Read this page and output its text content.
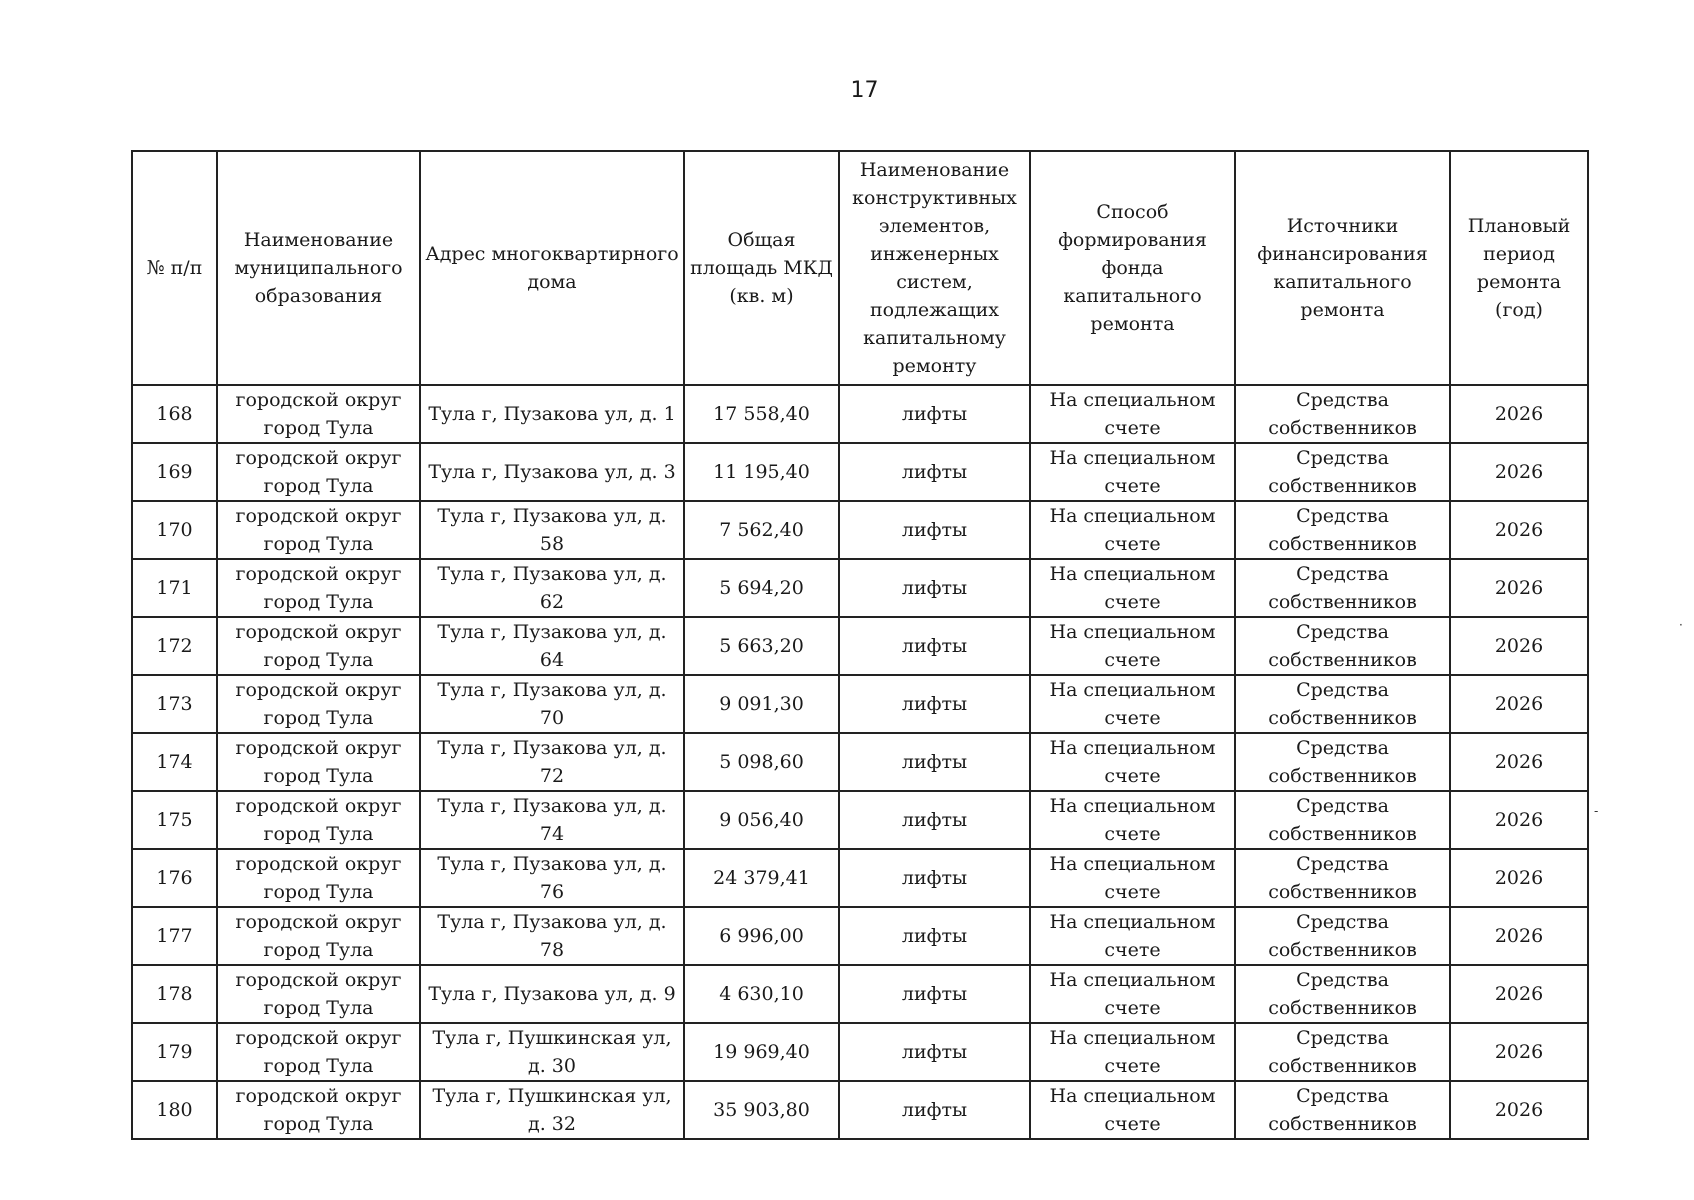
17
№ п/п	Наименование муниципального образования	Адрес многоквартирного дома	Общая площадь МКД (кв. м)	Наименование конструктивных элементов, инженерных систем, подлежащих капитальному ремонту	Способ формирования фонда капитального ремонта	Источники финансирования капитального ремонта	Плановый период ремонта (год)
168	городской округ город Тула	Тула г, Пузакова ул, д. 1	17 558,40	лифты	На специальном счете	Средства собственников	2026
169	городской округ город Тула	Тула г, Пузакова ул, д. 3	11 195,40	лифты	На специальном счете	Средства собственников	2026
170	городской округ город Тула	Тула г, Пузакова ул, д. 58	7 562,40	лифты	На специальном счете	Средства собственников	2026
171	городской округ город Тула	Тула г, Пузакова ул, д. 62	5 694,20	лифты	На специальном счете	Средства собственников	2026
172	городской округ город Тула	Тула г, Пузакова ул, д. 64	5 663,20	лифты	На специальном счете	Средства собственников	2026
173	городской округ город Тула	Тула г, Пузакова ул, д. 70	9 091,30	лифты	На специальном счете	Средства собственников	2026
174	городской округ город Тула	Тула г, Пузакова ул, д. 72	5 098,60	лифты	На специальном счете	Средства собственников	2026
175	городской округ город Тула	Тула г, Пузакова ул, д. 74	9 056,40	лифты	На специальном счете	Средства собственников	2026
176	городской округ город Тула	Тула г, Пузакова ул, д. 76	24 379,41	лифты	На специальном счете	Средства собственников	2026
177	городской округ город Тула	Тула г, Пузакова ул, д. 78	6 996,00	лифты	На специальном счете	Средства собственников	2026
178	городской округ город Тула	Тула г, Пузакова ул, д. 9	4 630,10	лифты	На специальном счете	Средства собственников	2026
179	городской округ город Тула	Тула г, Пушкинская ул, д. 30	19 969,40	лифты	На специальном счете	Средства собственников	2026
180	городской округ город Тула	Тула г, Пушкинская ул, д. 32	35 903,80	лифты	На специальном счете	Средства собственников	2026
·
-
